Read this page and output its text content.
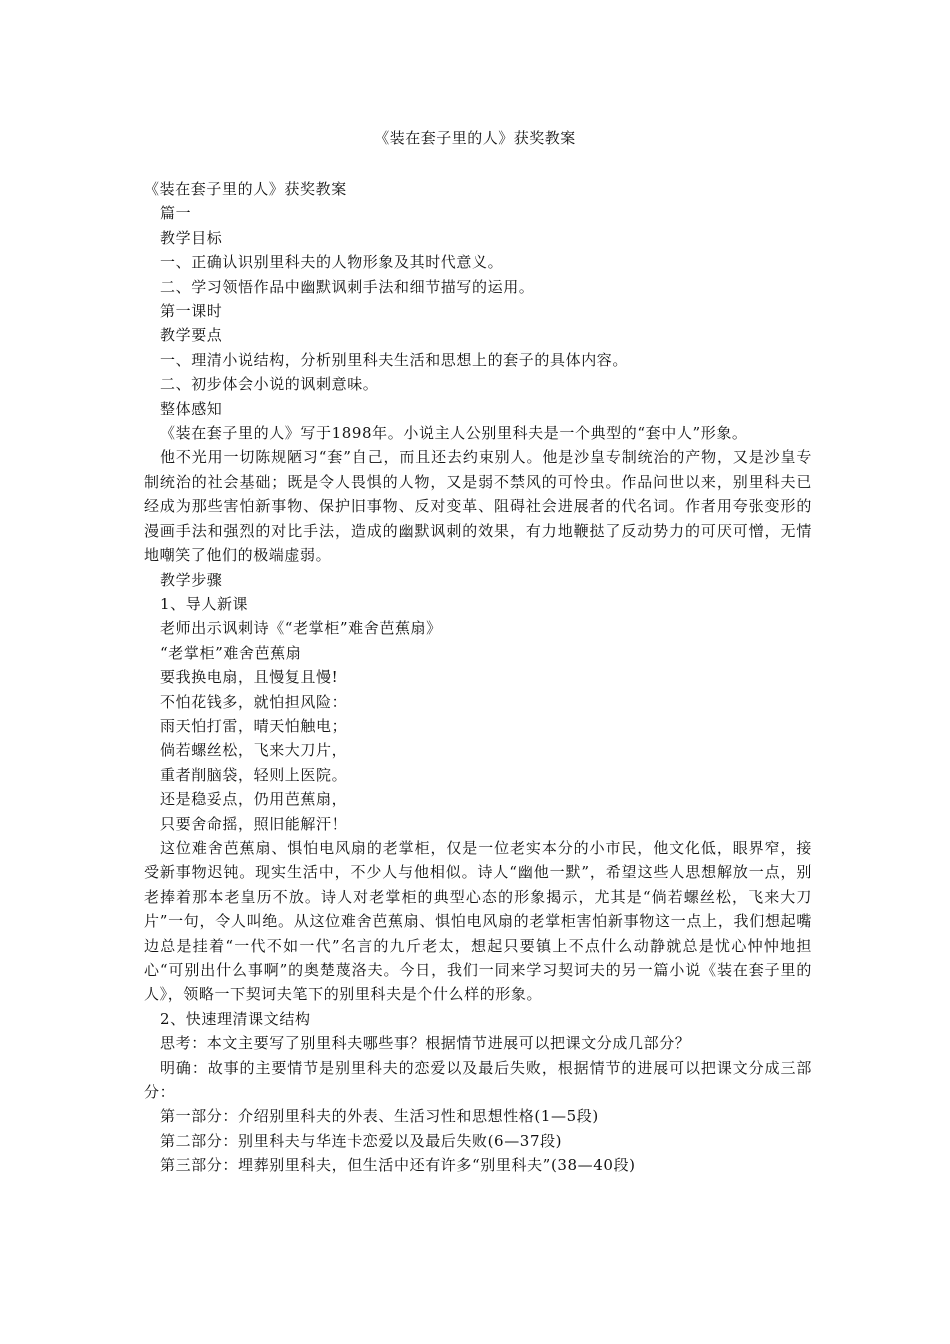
《装在套子里的人》获奖教案

《装在套子里的人》获奖教案

篇一

教学目标

一、正确认识别里科夫的人物形象及其时代意义。

二、学习领悟作品中幽默讽刺手法和细节描写的运用。

第一课时

教学要点

一、理清小说结构，分析别里科夫生活和思想上的套子的具体内容。

二、初步体会小说的讽刺意味。

整体感知

《装在套子里的人》写于1898年。小说主人公别里科夫是一个典型的“套中人”形象。

他不光用一切陈规陋习“套”自己，而且还去约束别人。他是沙皇专制统治的产物，又是沙皇专制统治的社会基础；既是令人畏惧的人物，又是弱不禁风的可怜虫。作品问世以来，别里科夫已经成为那些害怕新事物、保护旧事物、反对变革、阻碍社会进展者的代名词。作者用夸张变形的漫画手法和强烈的对比手法，造成的幽默讽刺的效果，有力地鞭挞了反动势力的可厌可憎，无情地嘲笑了他们的极端虚弱。

教学步骤

1、导人新课

老师出示讽刺诗《“老掌柜”难舍芭蕉扇》

“老掌柜”难舍芭蕉扇

要我换电扇，且慢复且慢!

不怕花钱多，就怕担风险：

雨天怕打雷，晴天怕触电；

倘若螺丝松，飞来大刀片，

重者削脑袋，轻则上医院。

还是稳妥点，仍用芭蕉扇，

只要舍命摇，照旧能解汗！

这位难舍芭蕉扇、惧怕电风扇的老掌柜，仅是一位老实本分的小市民，他文化低，眼界窄，接受新事物迟钝。现实生活中，不少人与他相似。诗人“幽他一默”，希望这些人思想解放一点，别老捧着那本老皇历不放。诗人对老掌柜的典型心态的形象揭示，尤其是“倘若螺丝松，飞来大刀片”一句，令人叫绝。从这位难舍芭蕉扇、惧怕电风扇的老掌柜害怕新事物这一点上，我们想起嘴边总是挂着“一代不如一代”名言的九斤老太，想起只要镇上不点什么动静就总是忧心忡忡地担心“可别出什么事啊”的奥楚蔑洛夫。今日，我们一同来学习契诃夫的另一篇小说《装在套子里的人》，领略一下契诃夫笔下的别里科夫是个什么样的形象。

2、快速理清课文结构

思考：本文主要写了别里科夫哪些事？根据情节进展可以把课文分成几部分？

明确：故事的主要情节是别里科夫的恋爱以及最后失败，根据情节的进展可以把课文分成三部分：

第一部分：介绍别里科夫的外表、生活习性和思想性格(1—5段)

第二部分：别里科夫与华连卡恋爱以及最后失败(6—37段)

第三部分：埋葬别里科夫，但生活中还有许多“别里科夫”(38—40段)
